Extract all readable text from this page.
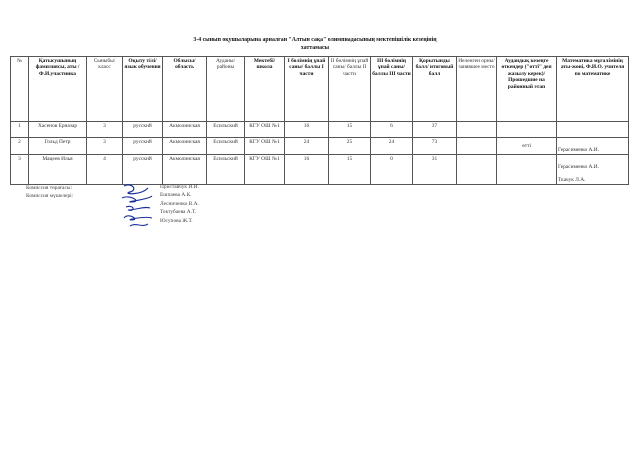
3-4 сынып оқушыларына арналған "Алтын сақа" олимпиадасының мектепішілік кезеңінің
хаттамасы
№	Қатысушының фамилиясы, аты /Ф.И.участника	Сыныбы/класс	Оқыту тілі/ язык обучения	Облысы/ область	Ауданы/ районы	Мектебі/ школа	I бөлімнің ұпай саны/ баллы I части	II бөлімнің ұпай саны/ баллы II части	III бөлімнің ұпай саны/ баллы III части	Қорытынды балл/ итоговый балл	Иеленген орны/ занявшее место	Аудандық кезеңге өткендер ("өтті" деп жазылу керек)/ Прошедшие на районный этап	Математика мұғалімінің аты-жөні, Ф.И.О. учителя по математике
1	Хасенов Ерназар	3	русский	Акмолинская	Есильский	КГУ ОШ №1	16	15	6	37			

2	Гольд Петр	3	русский	Акмолинская	Есильский	КГУ ОШ №1	24	25	24	73		өтті	Герасименко А.И.

3	Мацеев Илья	4	русский	Акмолинская	Есильский	КГУ ОШ №1	16	15	0	31			Герасименко А.И.
Ткачук Л.А.
Комиссия төрағасы:
Комиссия мүшелері:
Приставчук И.И.
Ешпаева А.К.
Лесниченко В.А.
Токтубаева А.Т.
Юсупова Ж.Т.
